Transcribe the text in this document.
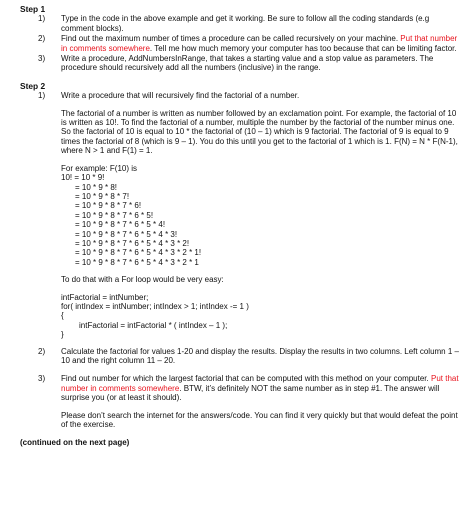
Step 1

1) Type in the code in the above example and get it working. Be sure to follow all the coding standards (e.g comment blocks).
2) Find out the maximum number of times a procedure can be called recursively on your machine. Put that number in comments somewhere. Tell me how much memory your computer has too because that can be limiting factor.
3) Write a procedure, AddNumbersInRange, that takes a starting value and a stop value as parameters. The procedure should recursively add all the numbers (inclusive) in the range.

Step 2

1) Write a procedure that will recursively find the factorial of a number.

The factorial of a number is written as number followed by an exclamation point. For example, the factorial of 10 is written as 10!. To find the factorial of a number, multiple the number by the factorial of the number minus one. So the factorial of 10 is equal to 10 * the factorial of (10 – 1) which is 9 factorial. The factorial of 9 is equal to 9 times the factorial of 8 (which is 9 – 1). You do this until you get to the factorial of 1 which is 1. F(N) = N * F(N-1), where N > 1 and F(1) = 1.

For example: F(10) is

10! = 10 * 9!

= 10 * 9 * 8!

= 10 * 9 * 8 * 7!

= 10 * 9 * 8 * 7 * 6!

= 10 * 9 * 8 * 7 * 6 * 5!

= 10 * 9 * 8 * 7 * 6 * 5 * 4!

= 10 * 9 * 8 * 7 * 6 * 5 * 4 * 3!

= 10 * 9 * 8 * 7 * 6 * 5 * 4 * 3 * 2!

= 10 * 9 * 8 * 7 * 6 * 5 * 4 * 3 * 2 * 1!

= 10 * 9 * 8 * 7 * 6 * 5 * 4 * 3 * 2 * 1

To do that with a For loop would be very easy:

intFactorial = intNumber;

for( intIndex = intNumber; intIndex > 1; intIndex -= 1 )

{

intFactorial = intFactorial * ( intIndex – 1 );

}

2) Calculate the factorial for values 1-20 and display the results. Display the results in two columns. Left column 1 – 10 and the right column 11 – 20.
3) Find out number for which the largest factorial that can be computed with this method on your computer. Put that number in comments somewhere. BTW, it’s definitely NOT the same number as in step #1. The answer will surprise you (or at least it should).

Please don’t search the internet for the answers/code. You can find it very quickly but that would defeat the point of the exercise.

(continued on the next page)
